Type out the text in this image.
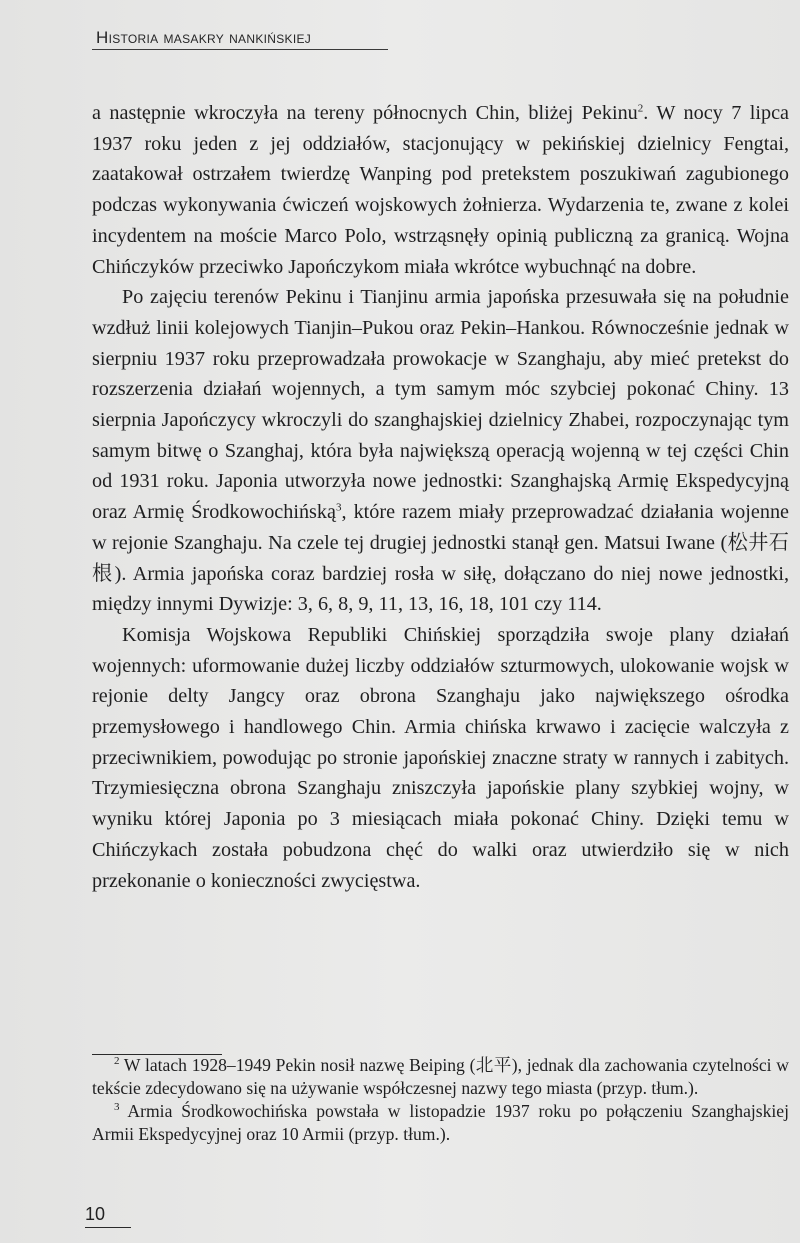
Historia masakry nankińskiej

a następnie wkroczyła na tereny północnych Chin, bliżej Pekinu$^2$. W nocy 7 lipca 1937 roku jeden z jej oddziałów, stacjonujący w pekińskiej dzielnicy Fengtai, zaatakował ostrzałem twierdzę Wanping pod pretekstem poszukiwań zagubionego podczas wykonywania ćwiczeń wojskowych żołnierza. Wydarzenia te, zwane z kolei incydentem na moście Marco Polo, wstrząsnęły opinią publiczną za granicą. Wojna Chińczyków przeciwko Japończykom miała wkrótce wybuchnąć na dobre.

Po zajęciu terenów Pekinu i Tianjinu armia japońska przesuwała się na południe wzdłuż linii kolejowych Tianjin–Pukou oraz Pekin–Hankou. Równocześnie jednak w sierpniu 1937 roku przeprowadzała prowokacje w Szanghaju, aby mieć pretekst do rozszerzenia działań wojennych, a tym samym móc szybciej pokonać Chiny. 13 sierpnia Japończycy wkroczyli do szanghajskiej dzielnicy Zhabei, rozpoczynając tym samym bitwę o Szanghaj, która była największą operacją wojenną w tej części Chin od 1931 roku. Japonia utworzyła nowe jednostki: Szanghajską Armię Ekspedycyjną oraz Armię Środkowochińską$^3$, które razem miały przeprowadzać działania wojenne w rejonie Szanghaju. Na czele tej drugiej jednostki stanął gen. Matsui Iwane (松井石根). Armia japońska coraz bardziej rosła w siłę, dołączano do niej nowe jednostki, między innymi Dywizje: 3, 6, 8, 9, 11, 13, 16, 18, 101 czy 114.

Komisja Wojskowa Republiki Chińskiej sporządziła swoje plany działań wojennych: uformowanie dużej liczby oddziałów szturmowych, ulokowanie wojsk w rejonie delty Jangcy oraz obrona Szanghaju jako największego ośrodka przemysłowego i handlowego Chin. Armia chińska krwawo i zacięcie walczyła z przeciwnikiem, powodując po stronie japońskiej znaczne straty w rannych i zabitych. Trzymiesięczna obrona Szanghaju zniszczyła japońskie plany szybkiej wojny, w wyniku której Japonia po 3 miesiącach miała pokonać Chiny. Dzięki temu w Chińczykach została pobudzona chęć do walki oraz utwierdziło się w nich przekonanie o konieczności zwycięstwa.

$^2$ W latach 1928–1949 Pekin nosił nazwę Beiping (北平), jednak dla zachowania czytelności w tekście zdecydowano się na używanie współczesnej nazwy tego miasta (przyp. tłum.).

$^3$ Armia Środkowochińska powstała w listopadzie 1937 roku po połączeniu Szanghajskiej Armii Ekspedycyjnej oraz 10 Armii (przyp. tłum.).

10
